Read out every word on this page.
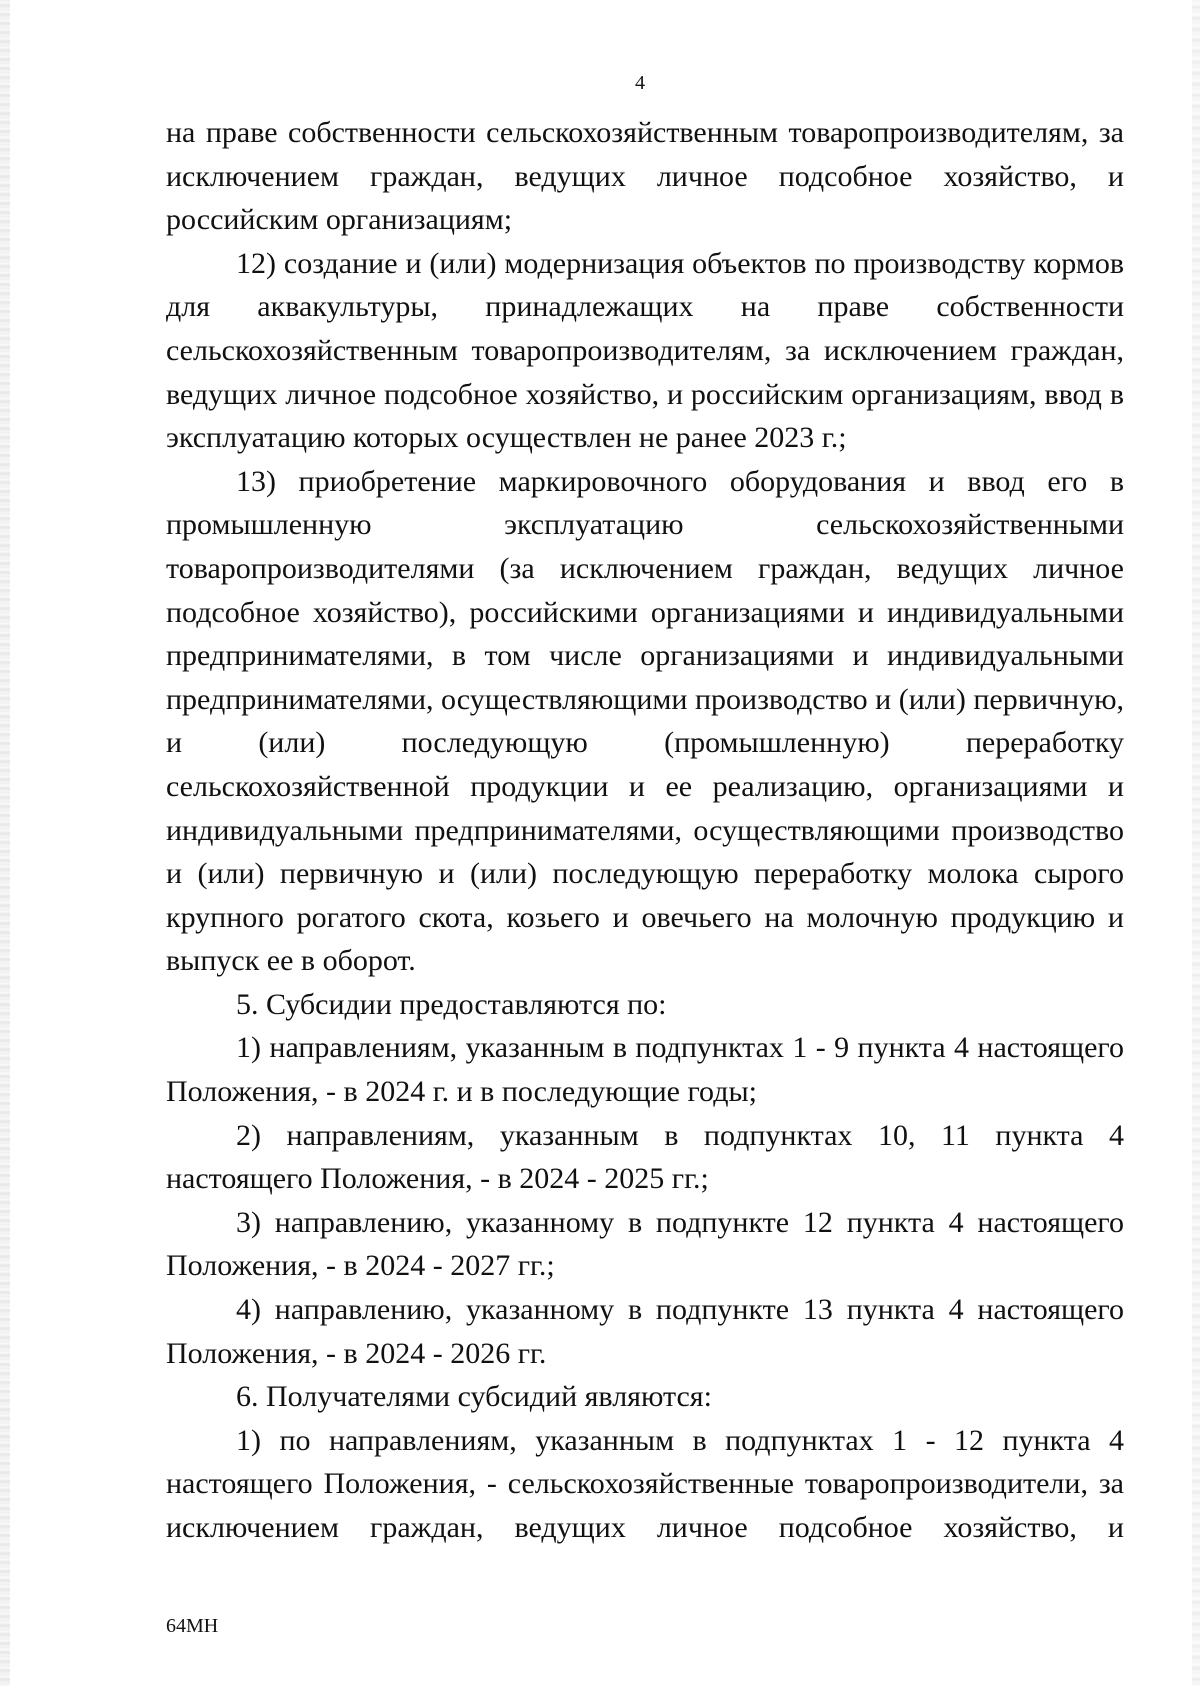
4

на праве собственности сельскохозяйственным товаропроизводителям, за исключением граждан, ведущих личное подсобное хозяйство, и российским организациям;

12) создание и (или) модернизация объектов по производству кормов для аквакультуры, принадлежащих на праве собственности сельскохозяйственным товаропроизводителям, за исключением граждан, ведущих личное подсобное хозяйство, и российским организациям, ввод в эксплуатацию которых осуществлен не ранее 2023 г.;

13) приобретение маркировочного оборудования и ввод его в промышленную эксплуатацию сельскохозяйственными товаропроизводителями (за исключением граждан, ведущих личное подсобное хозяйство), российскими организациями и индивидуальными предпринимателями, в том числе организациями и индивидуальными предпринимателями, осуществляющими производство и (или) первичную, и (или) последующую (промышленную) переработку сельскохозяйственной продукции и ее реализацию, организациями и индивидуальными предпринимателями, осуществляющими производство и (или) первичную и (или) последующую переработку молока сырого крупного рогатого скота, козьего и овечьего на молочную продукцию и выпуск ее в оборот.

5. Субсидии предоставляются по:

1) направлениям, указанным в подпунктах 1 - 9 пункта 4 настоящего Положения, - в 2024 г. и в последующие годы;

2) направлениям, указанным в подпунктах 10, 11 пункта 4 настоящего Положения, - в 2024 - 2025 гг.;

3) направлению, указанному в подпункте 12 пункта 4 настоящего Положения, - в 2024 - 2027 гг.;

4) направлению, указанному в подпункте 13 пункта 4 настоящего Положения, - в 2024 - 2026 гг.

6. Получателями субсидий являются:

1) по направлениям, указанным в подпунктах 1 - 12 пункта 4 настоящего Положения, - сельскохозяйственные товаропроизводители, за исключением граждан, ведущих личное подсобное хозяйство, и

64МН
